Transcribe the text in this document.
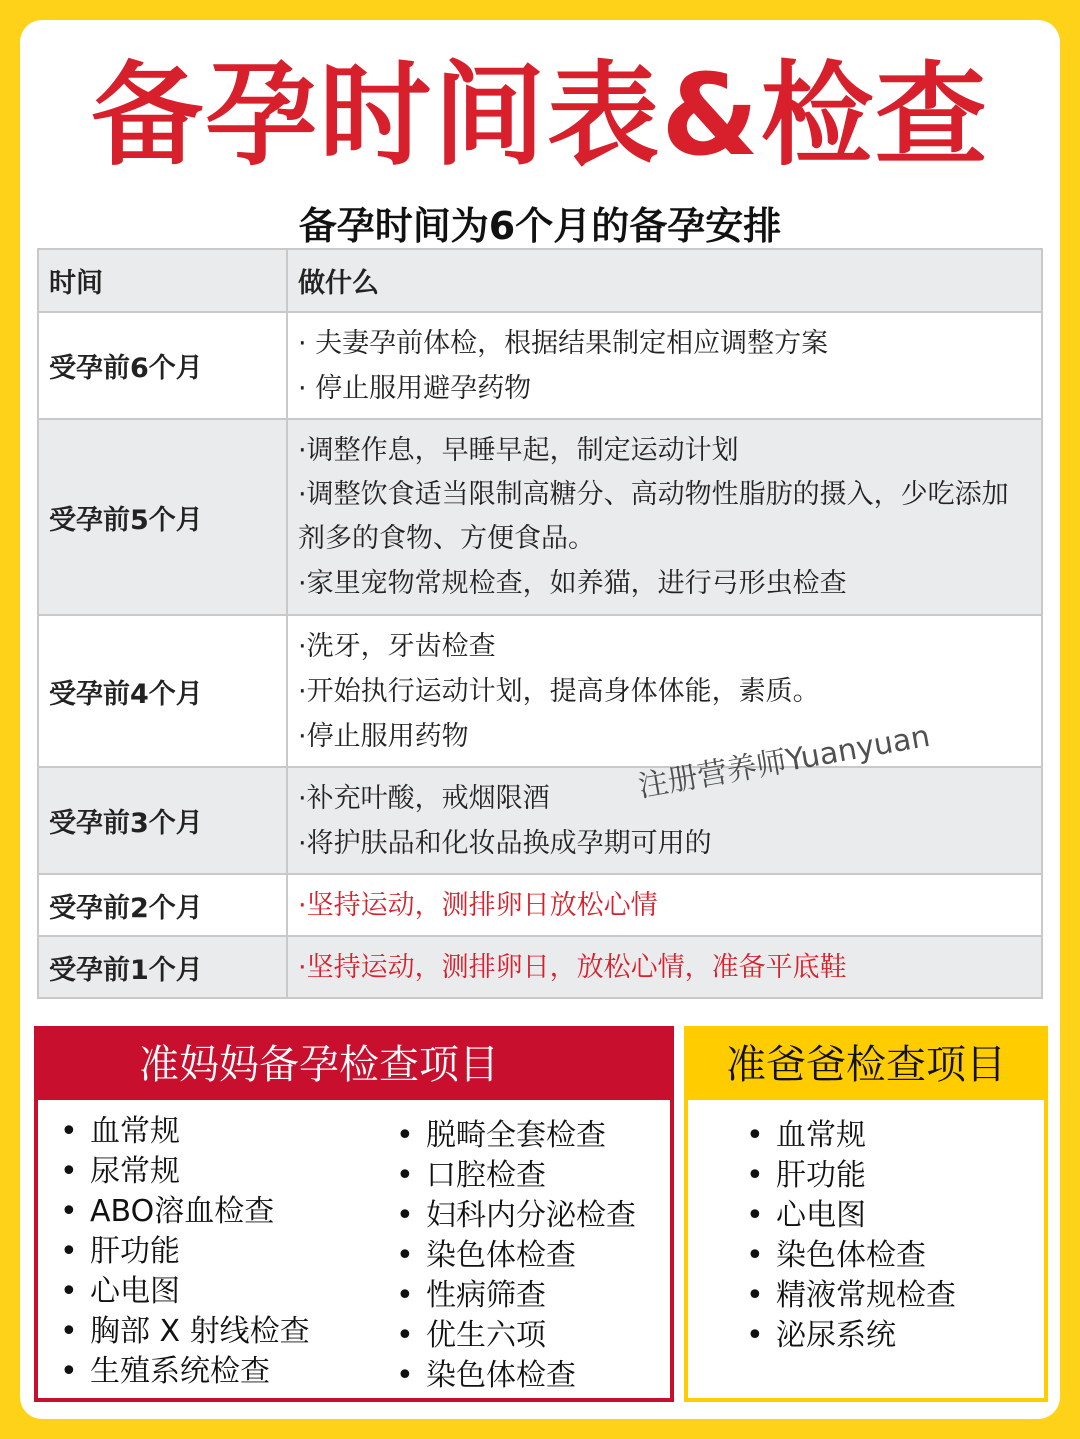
备孕时间表&检查
备孕时间为6个月的备孕安排
时间	做什么
受孕前6个月	· 夫妻孕前体检，根据结果制定相应调整方案
· 停止服用避孕药物

受孕前5个月	·调整作息，早睡早起，制定运动计划
·调整饮食适当限制高糖分、高动物性脂肪的摄入，少吃添加剂多的食物、方便食品。
·家里宠物常规检查，如养猫，进行弓形虫检查

受孕前4个月	·洗牙，牙齿检查
·开始执行运动计划，提高身体体能，素质。
·停止服用药物

受孕前3个月	·补充叶酸，戒烟限酒
·将护肤品和化妆品换成孕期可用的

受孕前2个月	·坚持运动，测排卵日放松心情

受孕前1个月	·坚持运动，测排卵日，放松心情，准备平底鞋
注册营养师Yuanyuan
准妈妈备孕检查项目
• 血常规
• 尿常规
• ABO溶血检查
• 肝功能
• 心电图
• 胸部 X 射线检查
• 生殖系统检查
• 脱畸全套检查
• 口腔检查
• 妇科内分泌检查
• 染色体检查
• 性病筛查
• 优生六项
• 染色体检查
准爸爸检查项目
• 血常规
• 肝功能
• 心电图
• 染色体检查
• 精液常规检查
• 泌尿系统
